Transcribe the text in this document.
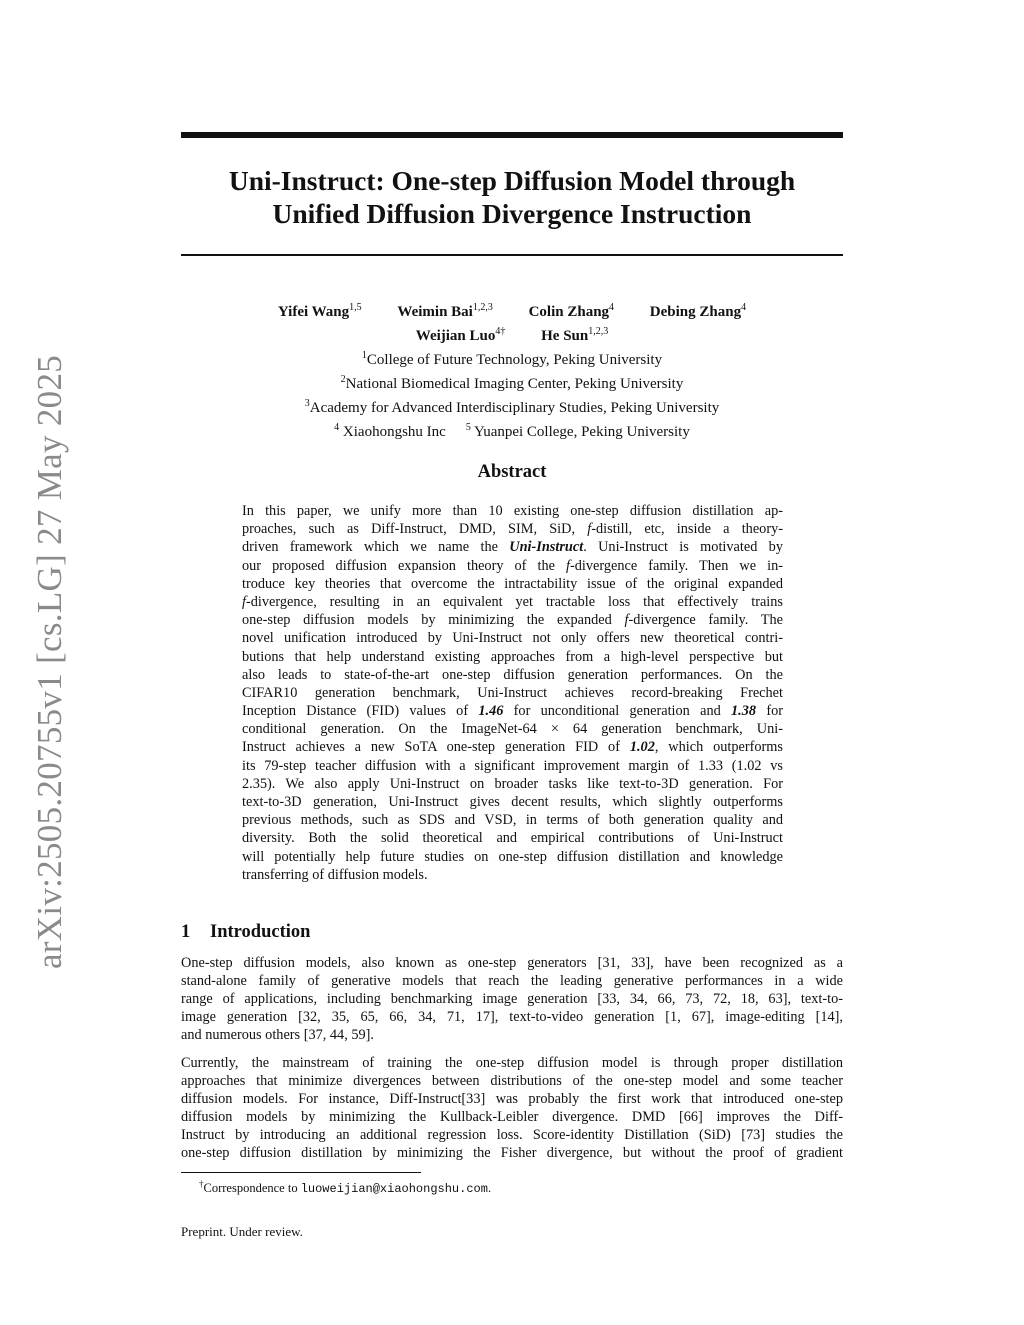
arXiv:2505.20755v1 [cs.LG] 27 May 2025
Uni-Instruct: One-step Diffusion Model through
Unified Diffusion Divergence Instruction
Yifei Wang$^{1,5}$ Weimin Bai$^{1,2,3}$ Colin Zhang$^4$ Debing Zhang$^4$
Weijian Luo$^{4\dagger}$ He Sun$^{1,2,3}$
$^1$College of Future Technology, Peking University
$^2$National Biomedical Imaging Center, Peking University
$^3$Academy for Advanced Interdisciplinary Studies, Peking University
$^4$ Xiaohongshu Inc $^5$ Yuanpei College, Peking University
Abstract
In this paper, we unify more than 10 existing one-step diffusion distillation ap-
proaches, such as Diff-Instruct, DMD, SIM, SiD, f-distill, etc, inside a theory-
driven framework which we name the Uni-Instruct. Uni-Instruct is motivated by
our proposed diffusion expansion theory of the f-divergence family. Then we in-
troduce key theories that overcome the intractability issue of the original expanded
f-divergence, resulting in an equivalent yet tractable loss that effectively trains
one-step diffusion models by minimizing the expanded f-divergence family. The
novel unification introduced by Uni-Instruct not only offers new theoretical contri-
butions that help understand existing approaches from a high-level perspective but
also leads to state-of-the-art one-step diffusion generation performances. On the
CIFAR10 generation benchmark, Uni-Instruct achieves record-breaking Frechet
Inception Distance (FID) values of 1.46 for unconditional generation and 1.38 for
conditional generation. On the ImageNet-64 × 64 generation benchmark, Uni-
Instruct achieves a new SoTA one-step generation FID of 1.02, which outperforms
its 79-step teacher diffusion with a significant improvement margin of 1.33 (1.02 vs
2.35). We also apply Uni-Instruct on broader tasks like text-to-3D generation. For
text-to-3D generation, Uni-Instruct gives decent results, which slightly outperforms
previous methods, such as SDS and VSD, in terms of both generation quality and
diversity. Both the solid theoretical and empirical contributions of Uni-Instruct
will potentially help future studies on one-step diffusion distillation and knowledge
transferring of diffusion models.
1 Introduction
One-step diffusion models, also known as one-step generators [31, 33], have been recognized as a
stand-alone family of generative models that reach the leading generative performances in a wide
range of applications, including benchmarking image generation [33, 34, 66, 73, 72, 18, 63], text-to-
image generation [32, 35, 65, 66, 34, 71, 17], text-to-video generation [1, 67], image-editing [14],
and numerous others [37, 44, 59].
Currently, the mainstream of training the one-step diffusion model is through proper distillation
approaches that minimize divergences between distributions of the one-step model and some teacher
diffusion models. For instance, Diff-Instruct[33] was probably the first work that introduced one-step
diffusion models by minimizing the Kullback-Leibler divergence. DMD [66] improves the Diff-
Instruct by introducing an additional regression loss. Score-identity Distillation (SiD) [73] studies the
one-step diffusion distillation by minimizing the Fisher divergence, but without the proof of gradient
†Correspondence to luoweijian@xiaohongshu.com.
Preprint. Under review.
